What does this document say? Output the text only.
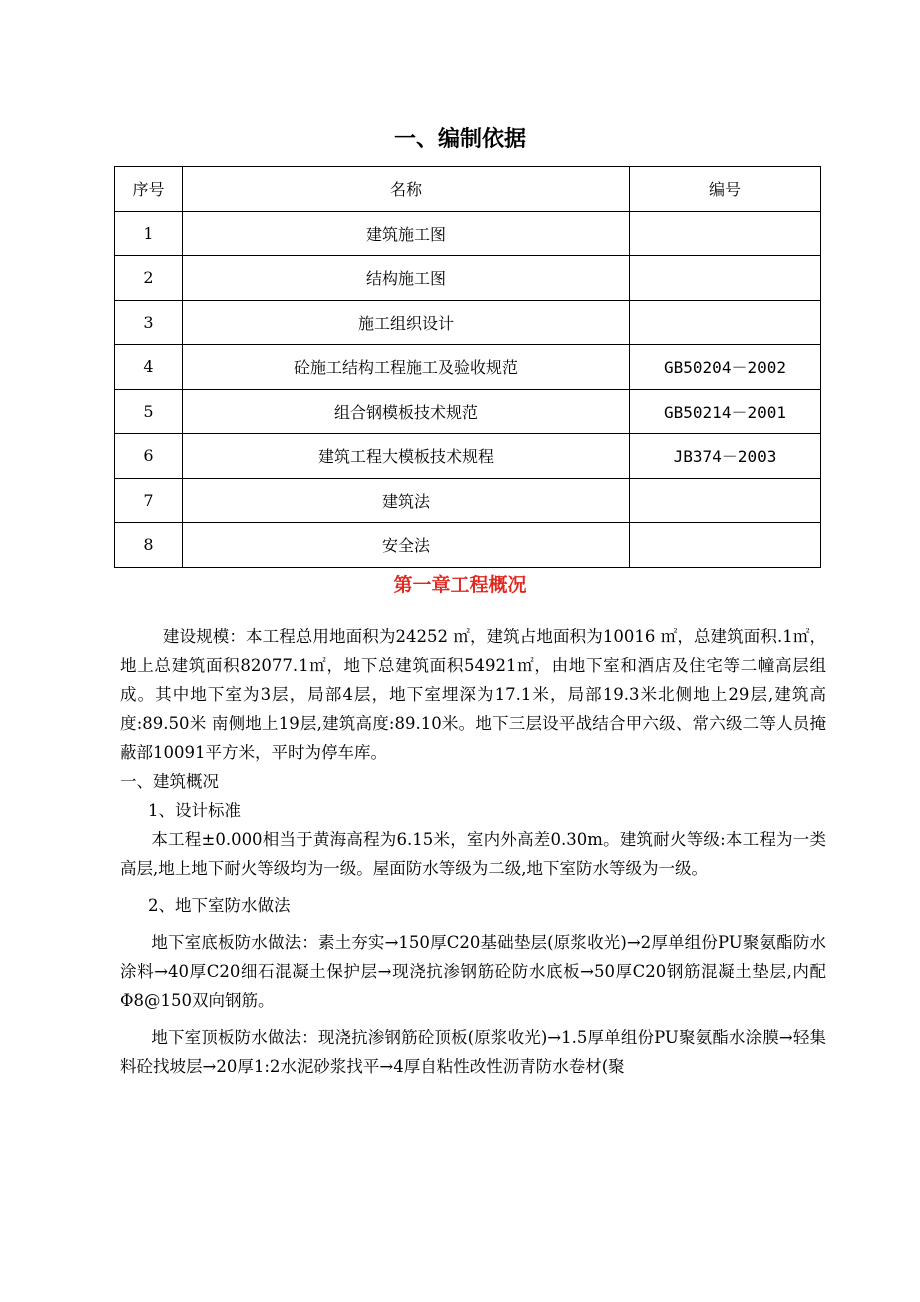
一、编制依据
序号	名称	编号
1	建筑施工图	
2	结构施工图	
3	施工组织设计	
4	砼施工结构工程施工及验收规范	GB50204－2002
5	组合钢模板技术规范	GB50214－2001
6	建筑工程大模板技术规程	JB374－2003
7	建筑法	
8	安全法	
第一章工程概况

建设规模：本工程总用地面积为24252 ㎡，建筑占地面积为10016 ㎡，总建筑面积.1㎡，地上总建筑面积82077.1㎡，地下总建筑面积54921㎡，由地下室和酒店及住宅等二幢高层组成。其中地下室为3层，局部4层，地下室埋深为17.1米，局部19.3米北侧地上29层,建筑高度:89.50米 南侧地上19层,建筑高度:89.10米。地下三层设平战结合甲六级、常六级二等人员掩蔽部10091平方米，平时为停车库。

一、建筑概况

1、设计标准

本工程±0.000相当于黄海高程为6.15米，室内外高差0.30m。建筑耐火等级:本工程为一类高层,地上地下耐火等级均为一级。屋面防水等级为二级,地下室防水等级为一级。

2、地下室防水做法

地下室底板防水做法：素土夯实→150厚C20基础垫层(原浆收光)→2厚单组份PU聚氨酯防水涂料→40厚C20细石混凝土保护层→现浇抗渗钢筋砼防水底板→50厚C20钢筋混凝土垫层,内配Φ8@150双向钢筋。

地下室顶板防水做法：现浇抗渗钢筋砼顶板(原浆收光)→1.5厚单组份PU聚氨酯水涂膜→轻集料砼找坡层→20厚1:2水泥砂浆找平→4厚自粘性改性沥青防水卷材(聚
